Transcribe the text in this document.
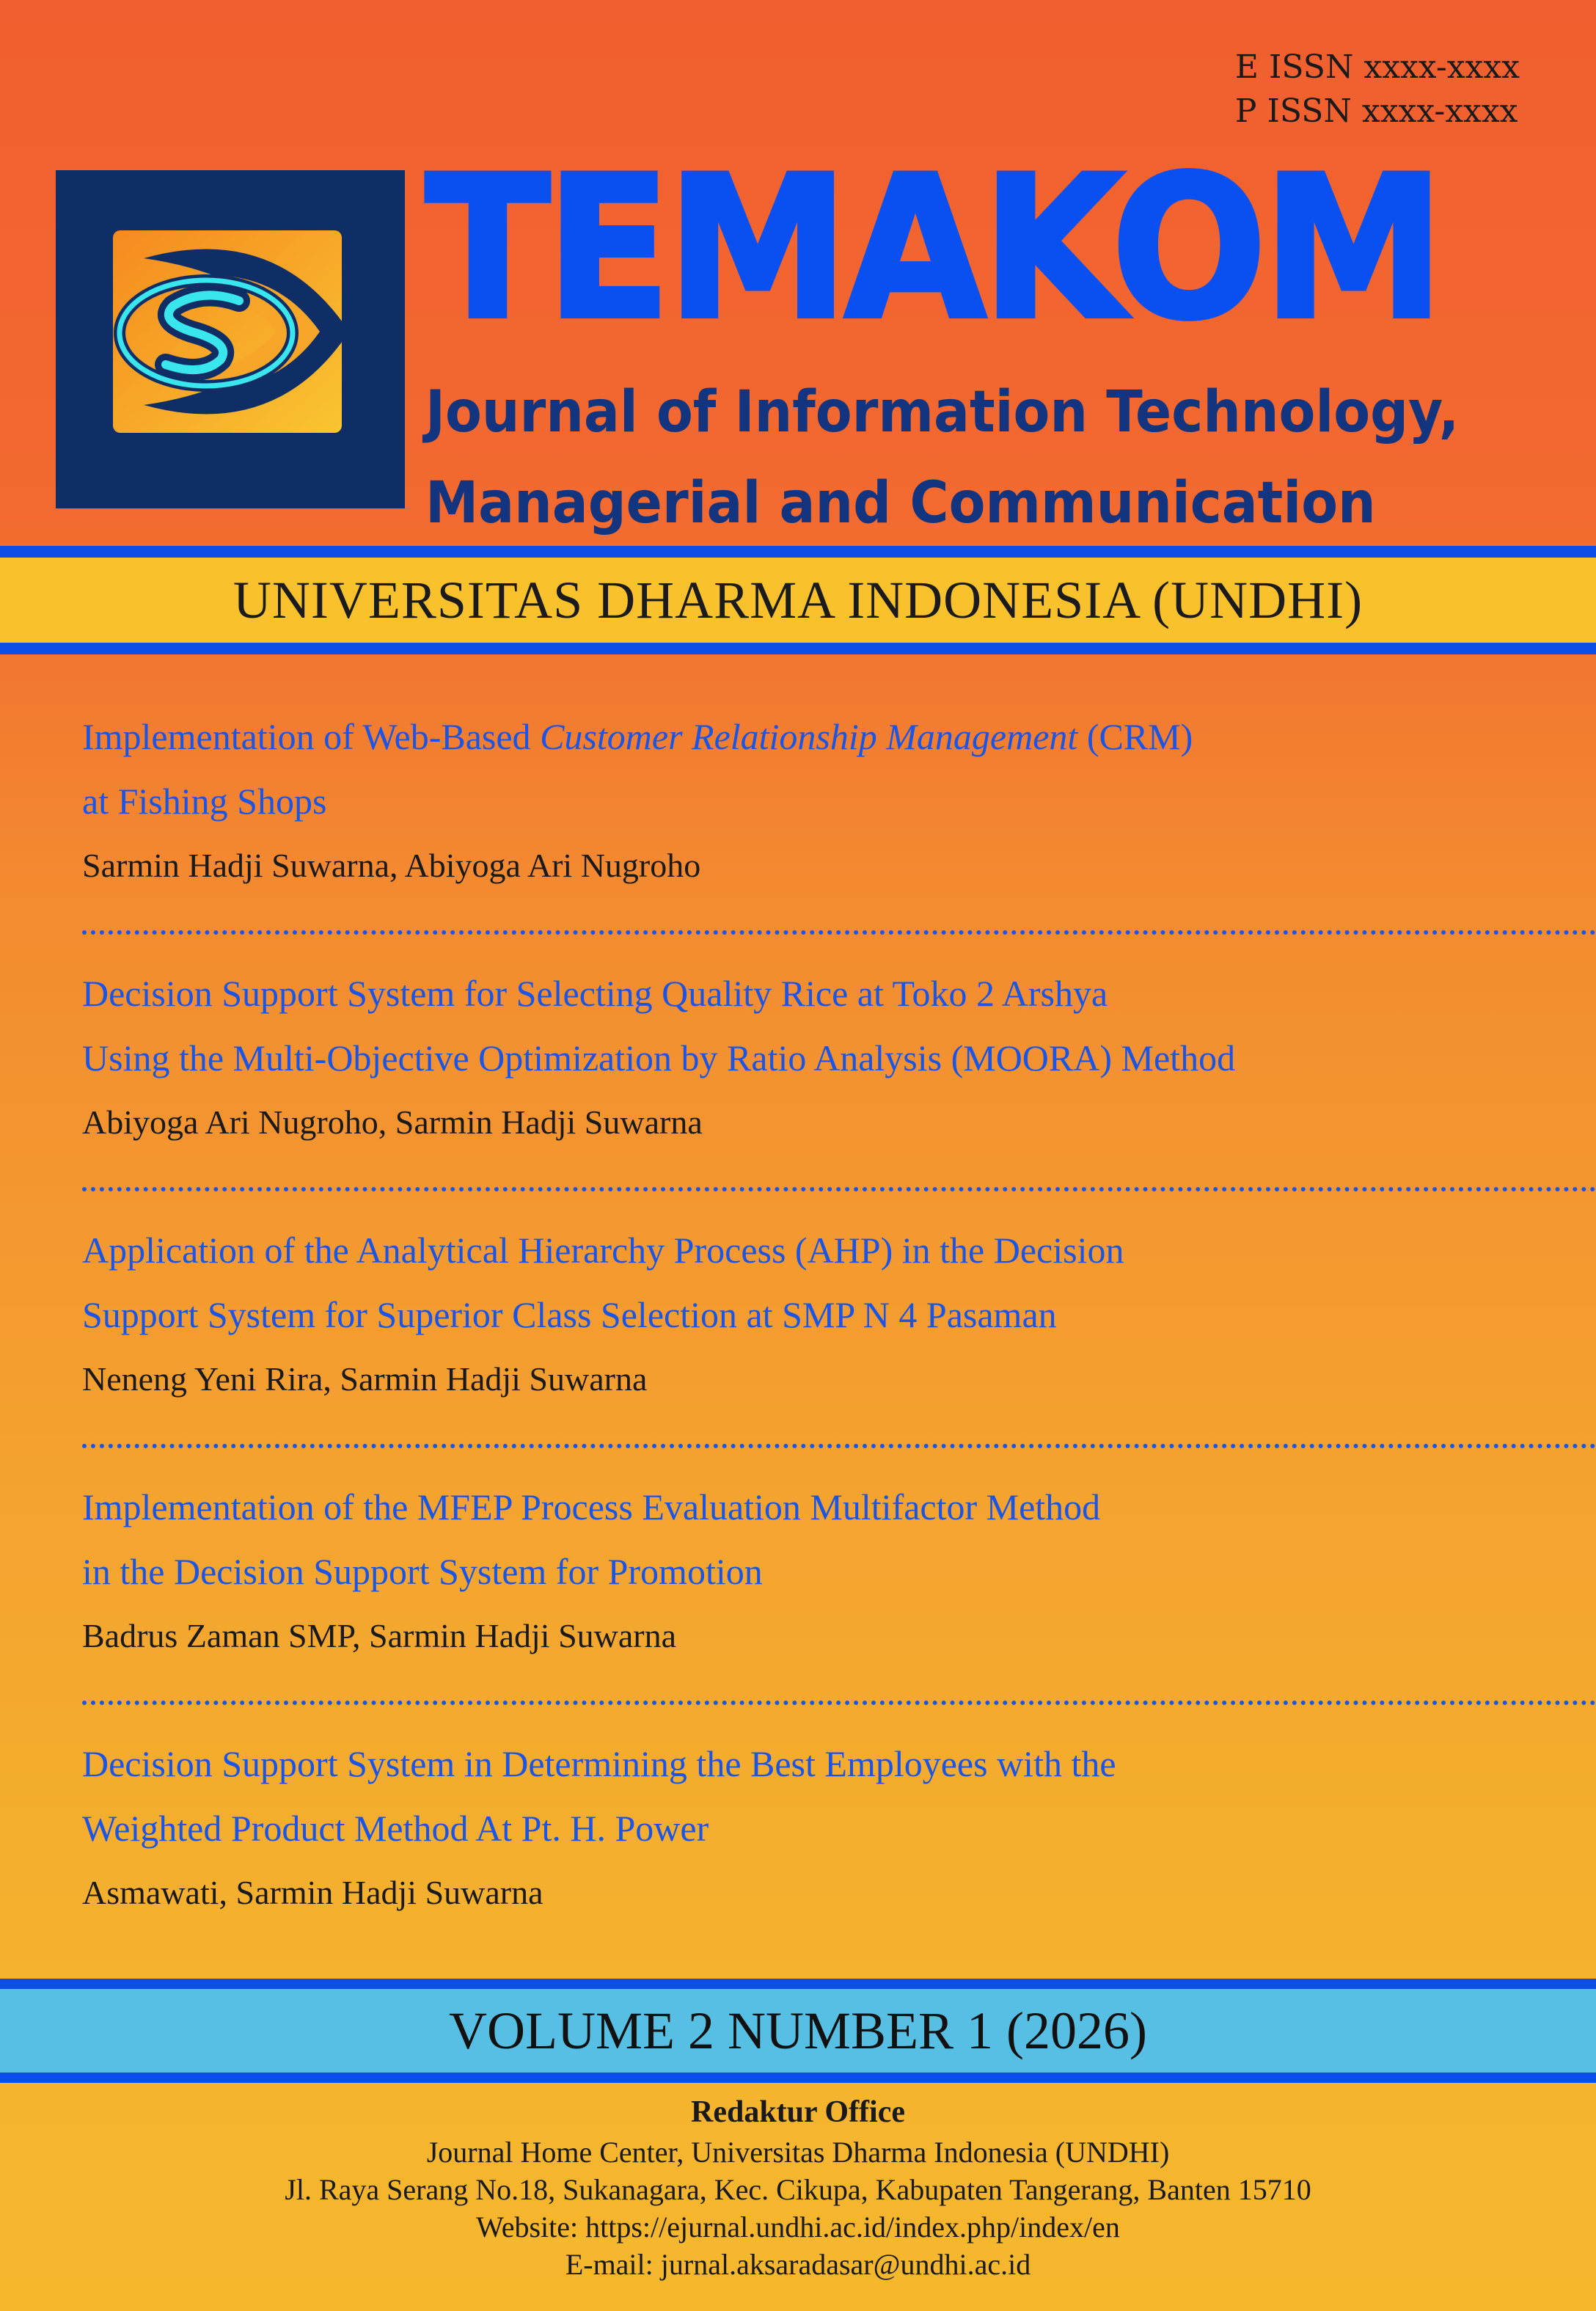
E ISSN xxxx-xxxx
P ISSN xxxx-xxxx
TEMAKOM
Journal of Information Technology,
Managerial and Communication
UNIVERSITAS DHARMA INDONESIA (UNDHI)
Implementation of Web-Based Customer Relationship Management (CRM)
at Fishing Shops
Sarmin Hadji Suwarna, Abiyoga Ari Nugroho
Decision Support System for Selecting Quality Rice at Toko 2 Arshya
Using the Multi-Objective Optimization by Ratio Analysis (MOORA) Method
Abiyoga Ari Nugroho, Sarmin Hadji Suwarna
Application of the Analytical Hierarchy Process (AHP) in the Decision
Support System for Superior Class Selection at SMP N 4 Pasaman
Neneng Yeni Rira, Sarmin Hadji Suwarna
Implementation of the MFEP Process Evaluation Multifactor Method
in the Decision Support System for Promotion
Badrus Zaman SMP, Sarmin Hadji Suwarna
Decision Support System in Determining the Best Employees with the
Weighted Product Method At Pt. H. Power
Asmawati, Sarmin Hadji Suwarna
VOLUME 2 NUMBER 1 (2026)
Redaktur Office
Journal Home Center, Universitas Dharma Indonesia (UNDHI)
Jl. Raya Serang No.18, Sukanagara, Kec. Cikupa, Kabupaten Tangerang, Banten 15710
Website: https://ejurnal.undhi.ac.id/index.php/index/en
E-mail: jurnal.aksaradasar@undhi.ac.id
